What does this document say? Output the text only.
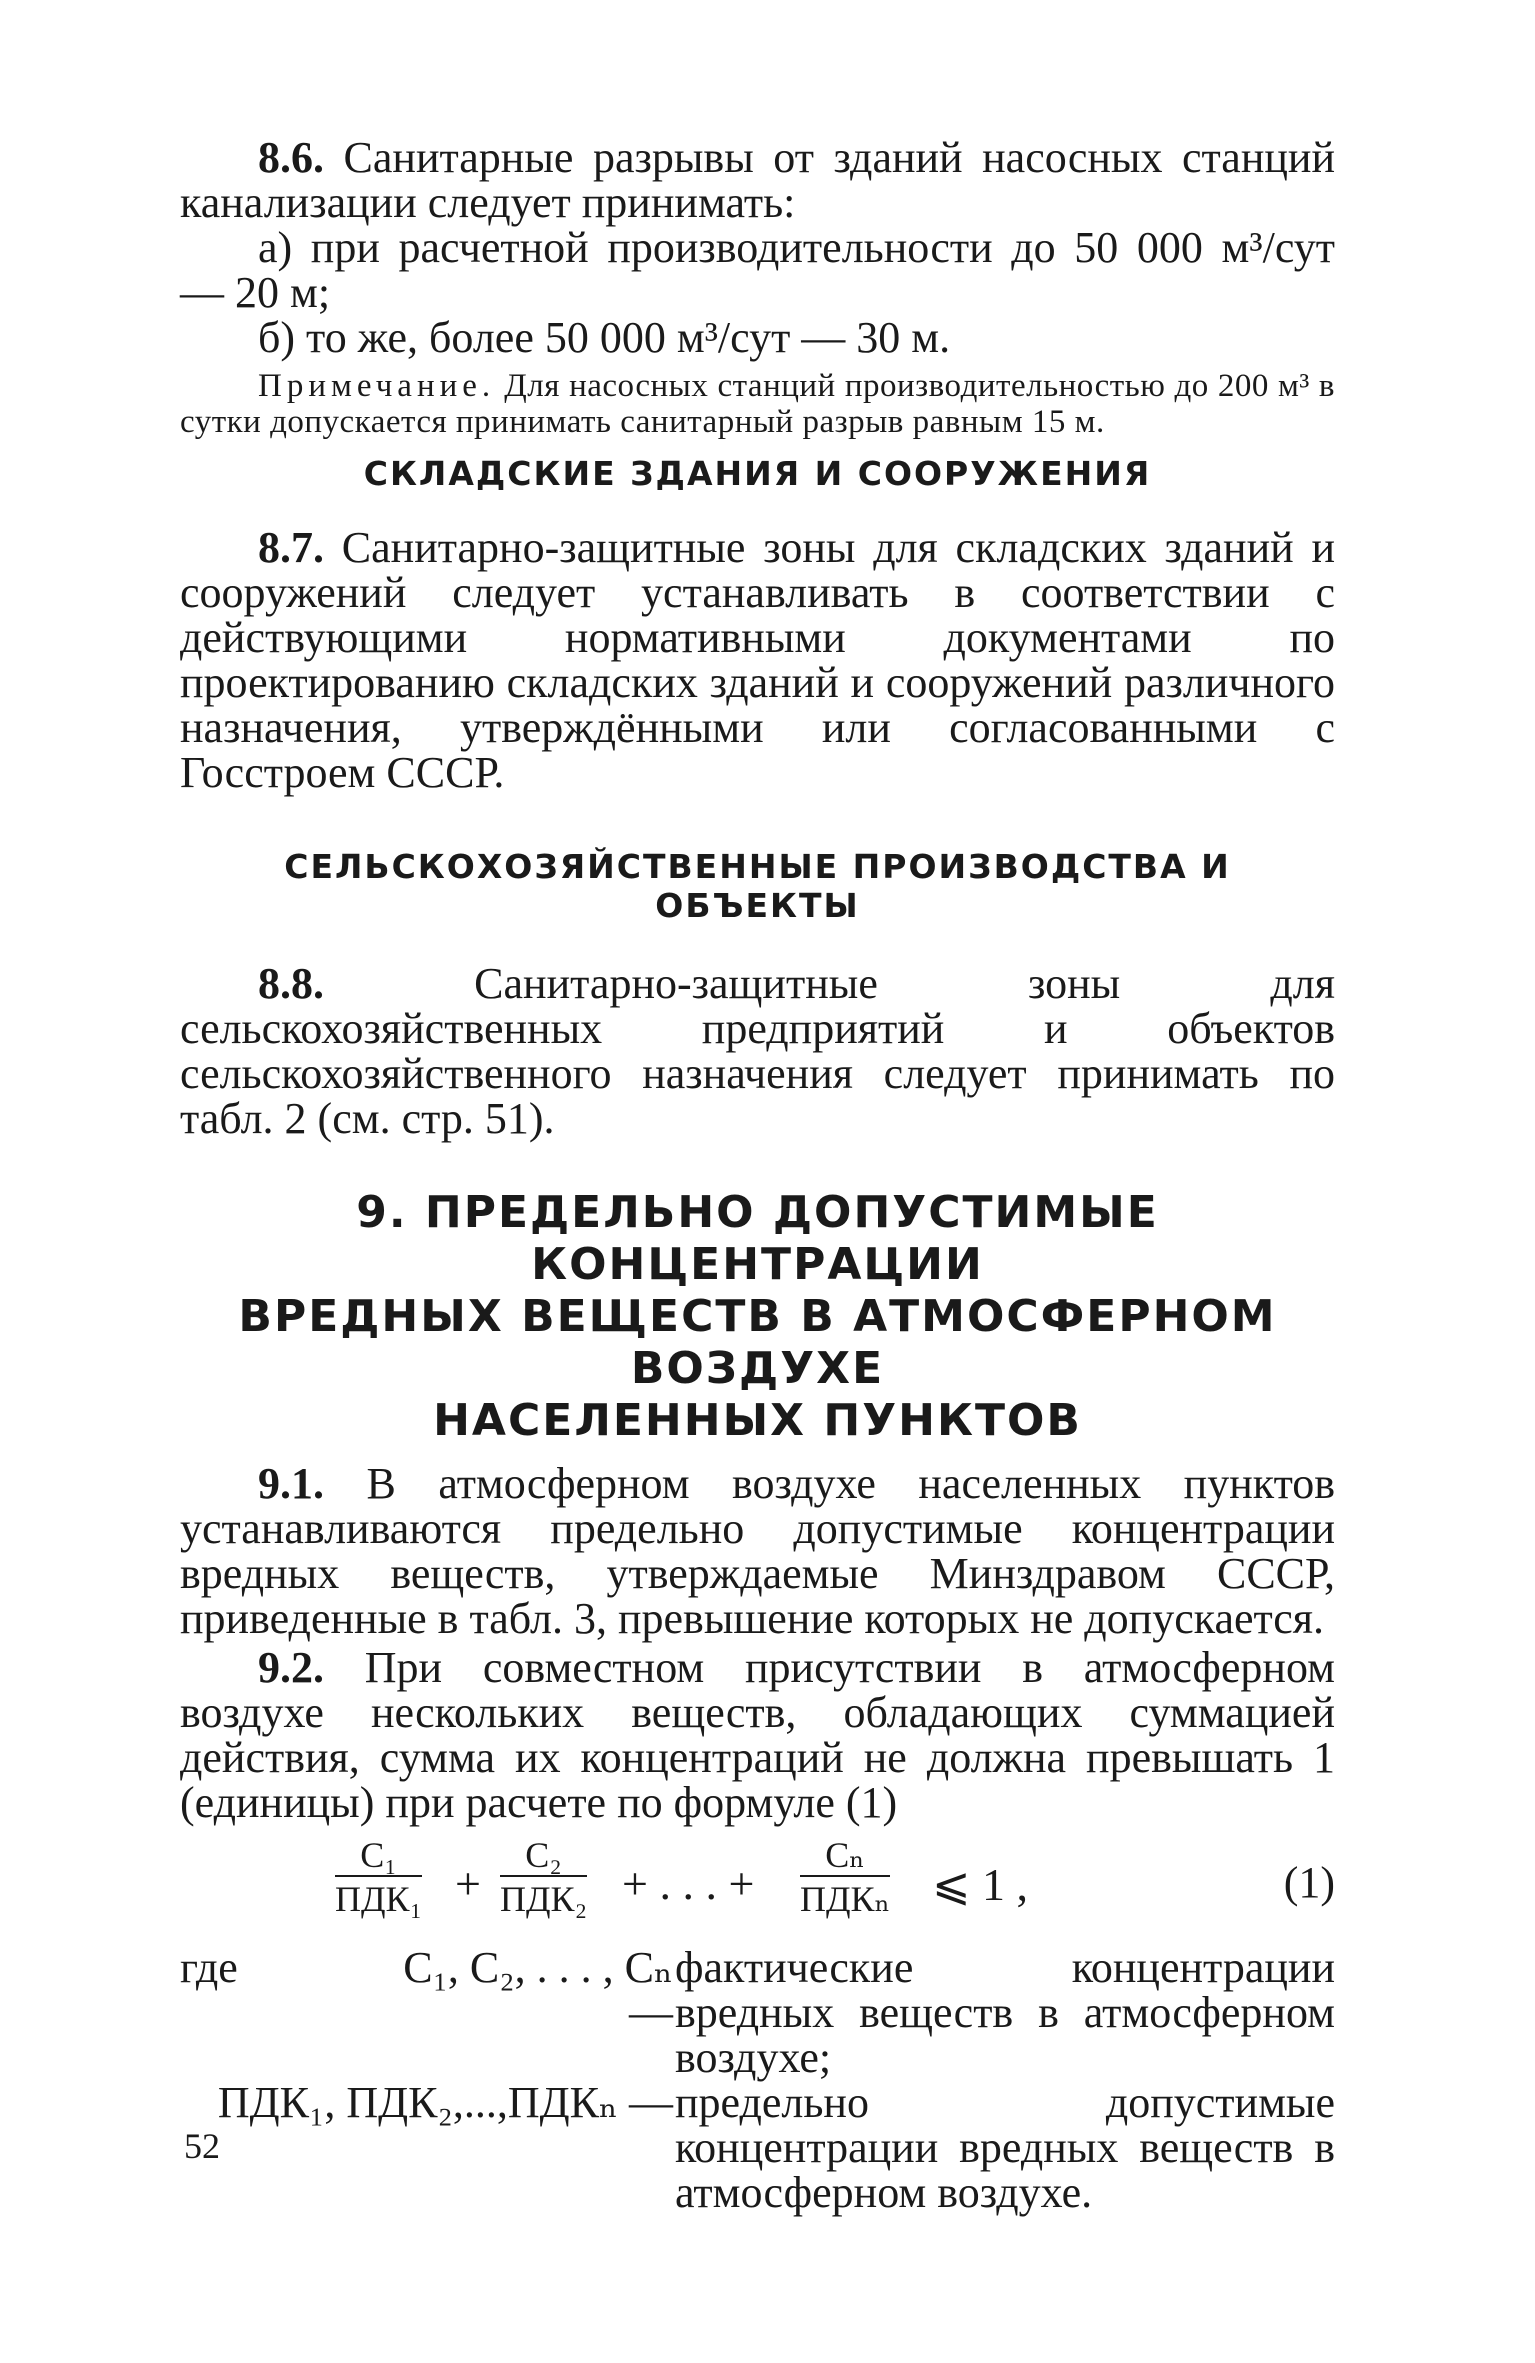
8.6. Санитарные разрывы от зданий насосных станций канализации следует принимать:

а) при расчетной производительности до 50 000 м³/сут — 20 м;

б) то же, более 50 000 м³/сут — 30 м.

Примечание. Для насосных станций производительностью до 200 м³ в сутки допускается принимать санитарный разрыв равным 15 м.

СКЛАДСКИЕ ЗДАНИЯ И СООРУЖЕНИЯ

8.7. Санитарно-защитные зоны для складских зданий и сооружений следует устанавливать в соответствии с действующими нормативными документами по проектированию складских зданий и сооружений различного назначения, утверждёнными или согласованными с Госстроем СССР.

СЕЛЬСКОХОЗЯЙСТВЕННЫЕ ПРОИЗВОДСТВА И ОБЪЕКТЫ

8.8.	Санитарно-защитные зоны для сельскохозяйственных предприятий и объектов сельскохозяйственного назначения следует принимать по табл. 2 (см. стр. 51).

9. ПРЕДЕЛЬНО ДОПУСТИМЫЕ КОНЦЕНТРАЦИИ

ВРЕДНЫХ ВЕЩЕСТВ В АТМОСФЕРНОМ ВОЗДУХЕ

НАСЕЛЕННЫХ ПУНКТОВ

9.1. В атмосферном воздухе населенных пунктов устанавливаются предельно допустимые концентрации вредных веществ, утверждаемые Минздравом СССР, приведенные в табл. 3, превышение которых не допускается.

9.2. При совместном присутствии в атмосферном воздухе нескольких веществ, обладающих суммацией действия, сумма их концентраций не должна превышать 1 (единицы) при расчете по формуле (1)

C₁
ПДК₁ +
C₂
ПДК₂ + . . . +
Cₙ
ПДКₙ ⩽ 1 ,	(1)
где	C₁, C₂, . . . , Cₙ —
фактические концентрации вредных веществ в атмосферном воздухе;
ПДК₁, ПДК₂,...,ПДКₙ — предельно допустимые концентрации вредных веществ в атмосферном воздухе.
52
